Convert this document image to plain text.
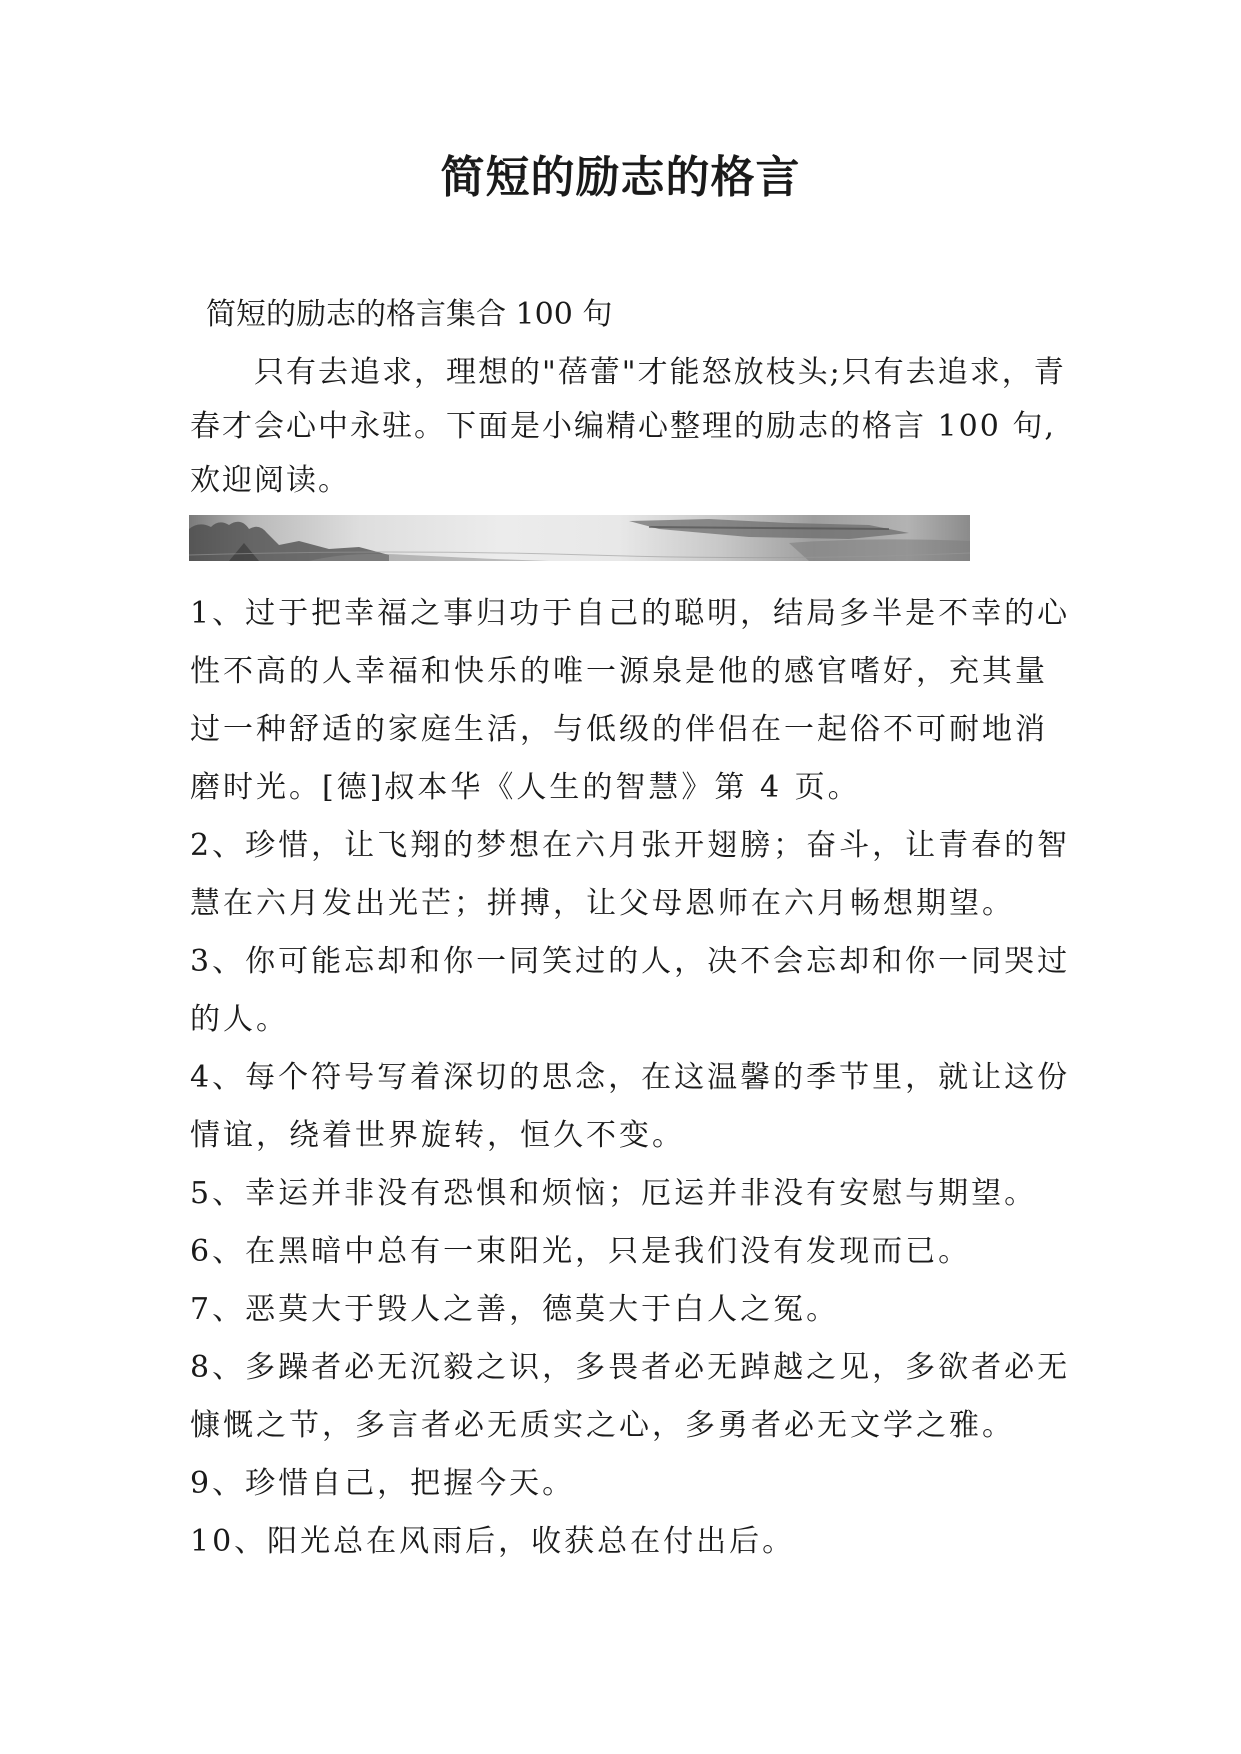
简短的励志的格言
简短的励志的格言集合 100 句
只有去追求，理想的"蓓蕾"才能怒放枝头;只有去追求，青春才会心中永驻。下面是小编精心整理的励志的格言 100 句,欢迎阅读。

1、过于把幸福之事归功于自己的聪明，结局多半是不幸的心性不高的人幸福和快乐的唯一源泉是他的感官嗜好，充其量过一种舒适的家庭生活，与低级的伴侣在一起俗不可耐地消磨时光。[德]叔本华《人生的智慧》第 4 页。

2、珍惜，让飞翔的梦想在六月张开翅膀；奋斗，让青春的智慧在六月发出光芒；拼搏，让父母恩师在六月畅想期望。

3、你可能忘却和你一同笑过的人，决不会忘却和你一同哭过的人。

4、每个符号写着深切的思念，在这温馨的季节里，就让这份情谊，绕着世界旋转，恒久不变。

5、幸运并非没有恐惧和烦恼；厄运并非没有安慰与期望。

6、在黑暗中总有一束阳光，只是我们没有发现而已。

7、恶莫大于毁人之善，德莫大于白人之冤。

8、多躁者必无沉毅之识，多畏者必无踔越之见，多欲者必无慷慨之节，多言者必无质实之心，多勇者必无文学之雅。

9、珍惜自己，把握今天。

10、阳光总在风雨后，收获总在付出后。
